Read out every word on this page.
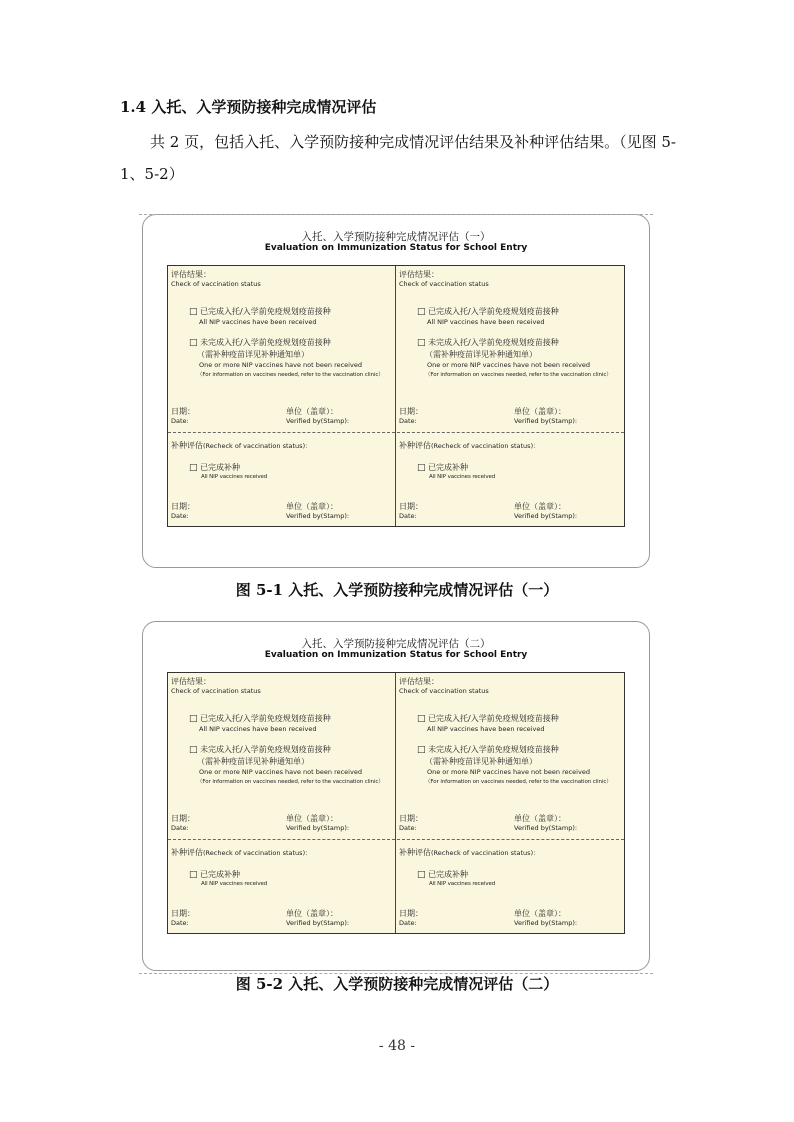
1.4 入托、入学预防接种完成情况评估
共 2 页，包括入托、入学预防接种完成情况评估结果及补种评估结果。（见图 5-1、5-2）
入托、入学预防接种完成情况评估（一）
Evaluation on Immunization Status for School Entry
评估结果：
Check of vaccination status
□ 已完成入托/入学前免疫规划疫苗接种
All NIP vaccines have been received
□ 未完成入托/入学前免疫规划疫苗接种
（需补种疫苗详见补种通知单）
One or more NIP vaccines have not been received
（For information on vaccines needed, refer to the vaccination clinic）
日期：
Date:
单位（盖章）：
Verified by(Stamp):
补种评估(Recheck of vaccination status)：
□ 已完成补种
All NIP vaccines received
日期：
Date:
单位（盖章）：
Verified by(Stamp):
评估结果：
Check of vaccination status
□ 已完成入托/入学前免疫规划疫苗接种
All NIP vaccines have been received
□ 未完成入托/入学前免疫规划疫苗接种
（需补种疫苗详见补种通知单）
One or more NIP vaccines have not been received
（For information on vaccines needed, refer to the vaccination clinic）
日期：
Date:
单位（盖章）：
Verified by(Stamp):
补种评估(Recheck of vaccination status)：
□ 已完成补种
All NIP vaccines received
日期：
Date:
单位（盖章）：
Verified by(Stamp):
图 5-1 入托、入学预防接种完成情况评估（一）
入托、入学预防接种完成情况评估（二）
Evaluation on Immunization Status for School Entry
评估结果：
Check of vaccination status
□ 已完成入托/入学前免疫规划疫苗接种
All NIP vaccines have been received
□ 未完成入托/入学前免疫规划疫苗接种
（需补种疫苗详见补种通知单）
One or more NIP vaccines have not been received
（For information on vaccines needed, refer to the vaccination clinic）
日期：
Date:
单位（盖章）：
Verified by(Stamp):
补种评估(Recheck of vaccination status)：
□ 已完成补种
All NIP vaccines received
日期：
Date:
单位（盖章）：
Verified by(Stamp):
评估结果：
Check of vaccination status
□ 已完成入托/入学前免疫规划疫苗接种
All NIP vaccines have been received
□ 未完成入托/入学前免疫规划疫苗接种
（需补种疫苗详见补种通知单）
One or more NIP vaccines have not been received
（For information on vaccines needed, refer to the vaccination clinic）
日期：
Date:
单位（盖章）：
Verified by(Stamp):
补种评估(Recheck of vaccination status)：
□ 已完成补种
All NIP vaccines received
日期：
Date:
单位（盖章）：
Verified by(Stamp):
图 5-2 入托、入学预防接种完成情况评估（二）
- 48 -
